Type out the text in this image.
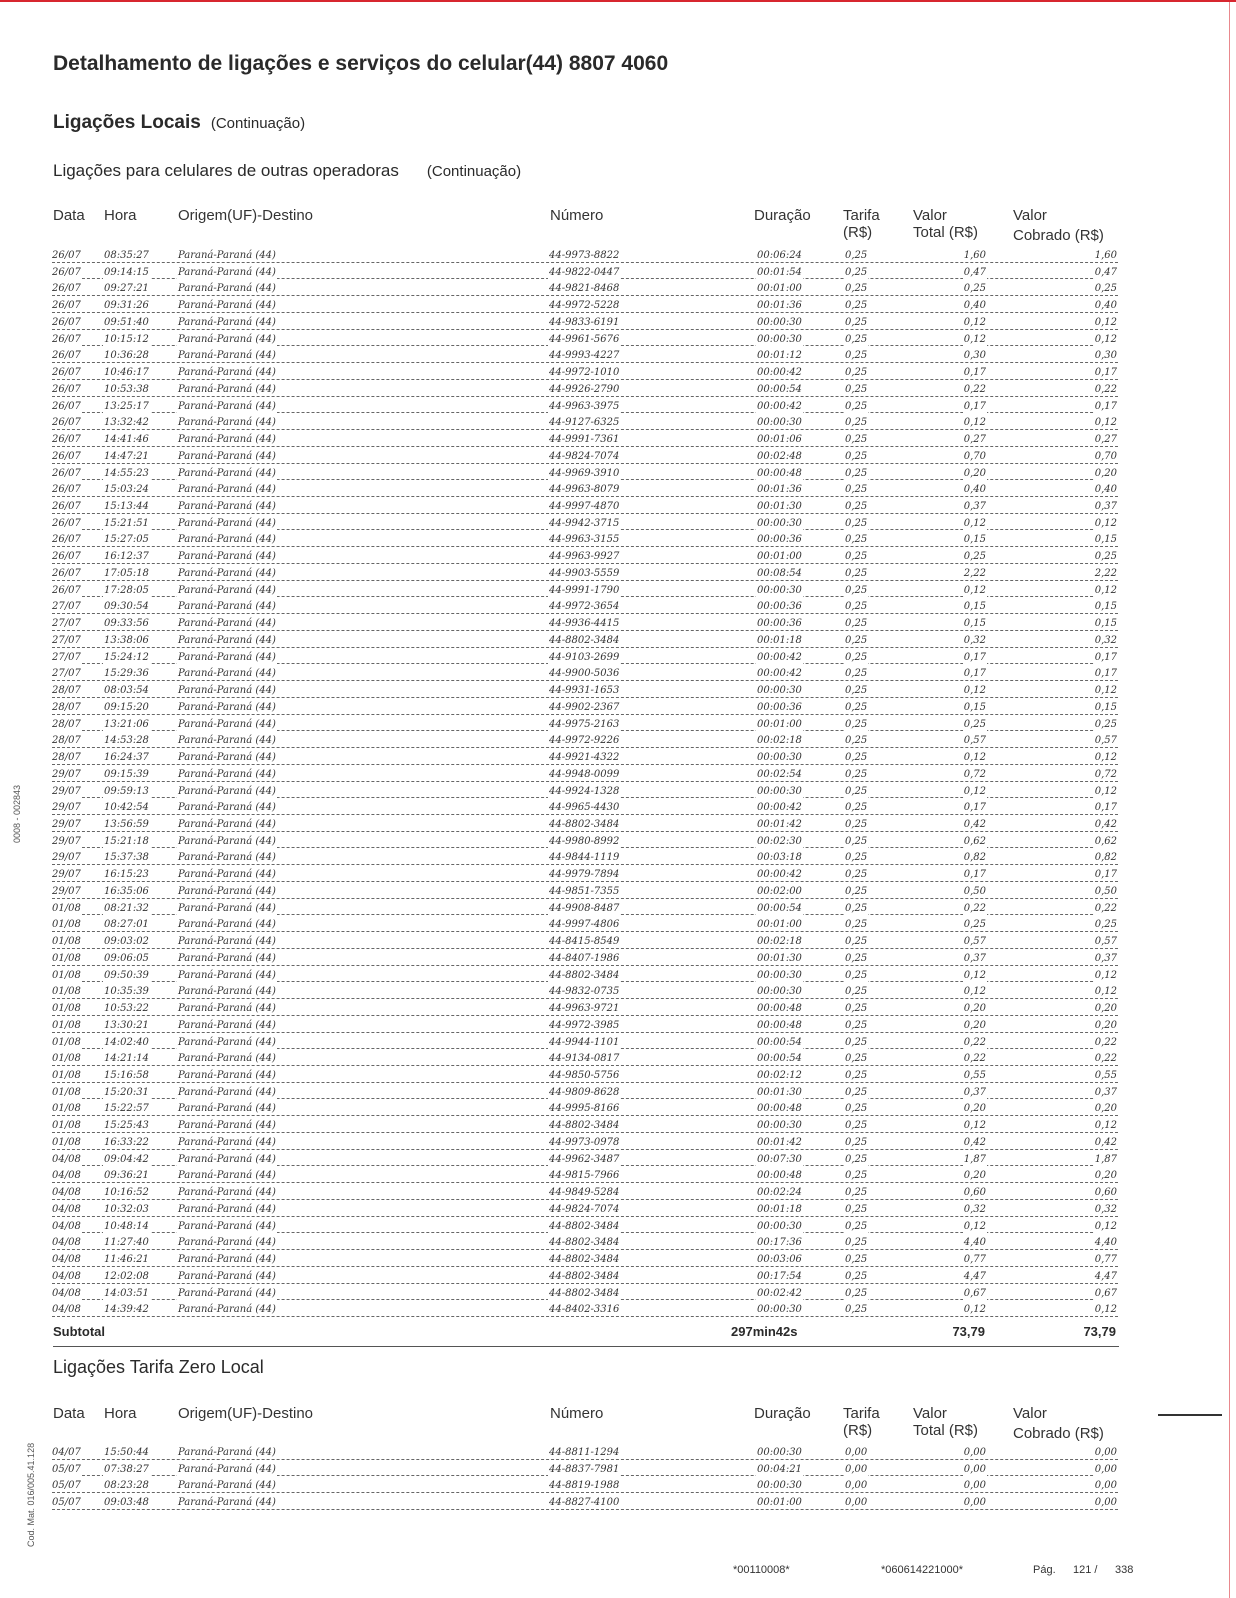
Detalhamento de ligações e serviços do celular(44) 8807 4060
Ligações Locais (Continuação)
Ligações para celulares de outras operadoras (Continuação)
Data Hora	Origem(UF)-Destino	Número	Duração Tarifa
(R$)
Valor
Total (R$)
Valor
Cobrado (R$)
26/07 08:35:27	Paraná-Paraná (44)	44-9973-8822	00:06:24	0,25	1,60	1,60
26/07 09:14:15	Paraná-Paraná (44)	44-9822-0447	00:01:54	0,25	0,47	0,47
26/07 09:27:21	Paraná-Paraná (44)	44-9821-8468	00:01:00	0,25	0,25	0,25
26/07 09:31:26	Paraná-Paraná (44)	44-9972-5228	00:01:36	0,25	0,40	0,40
26/07 09:51:40	Paraná-Paraná (44)	44-9833-6191	00:00:30	0,25	0,12	0,12
26/07 10:15:12	Paraná-Paraná (44)	44-9961-5676	00:00:30	0,25	0,12	0,12
26/07 10:36:28	Paraná-Paraná (44)	44-9993-4227	00:01:12	0,25	0,30	0,30
26/07 10:46:17	Paraná-Paraná (44)	44-9972-1010	00:00:42	0,25	0,17	0,17
26/07 10:53:38	Paraná-Paraná (44)	44-9926-2790	00:00:54	0,25	0,22	0,22
26/07 13:25:17	Paraná-Paraná (44)	44-9963-3975	00:00:42	0,25	0,17	0,17
26/07 13:32:42	Paraná-Paraná (44)	44-9127-6325	00:00:30	0,25	0,12	0,12
26/07 14:41:46	Paraná-Paraná (44)	44-9991-7361	00:01:06	0,25	0,27	0,27
26/07 14:47:21	Paraná-Paraná (44)	44-9824-7074	00:02:48	0,25	0,70	0,70
26/07 14:55:23	Paraná-Paraná (44)	44-9969-3910	00:00:48	0,25	0,20	0,20
26/07 15:03:24	Paraná-Paraná (44)	44-9963-8079	00:01:36	0,25	0,40	0,40
26/07 15:13:44	Paraná-Paraná (44)	44-9997-4870	00:01:30	0,25	0,37	0,37
26/07 15:21:51	Paraná-Paraná (44)	44-9942-3715	00:00:30	0,25	0,12	0,12
26/07 15:27:05	Paraná-Paraná (44)	44-9963-3155	00:00:36	0,25	0,15	0,15
26/07 16:12:37	Paraná-Paraná (44)	44-9963-9927	00:01:00	0,25	0,25	0,25
26/07 17:05:18	Paraná-Paraná (44)	44-9903-5559	00:08:54	0,25	2,22	2,22
26/07 17:28:05	Paraná-Paraná (44)	44-9991-1790	00:00:30	0,25	0,12	0,12
27/07 09:30:54	Paraná-Paraná (44)	44-9972-3654	00:00:36	0,25	0,15	0,15
27/07 09:33:56	Paraná-Paraná (44)	44-9936-4415	00:00:36	0,25	0,15	0,15
27/07 13:38:06	Paraná-Paraná (44)	44-8802-3484	00:01:18	0,25	0,32	0,32
27/07 15:24:12	Paraná-Paraná (44)	44-9103-2699	00:00:42	0,25	0,17	0,17
27/07 15:29:36	Paraná-Paraná (44)	44-9900-5036	00:00:42	0,25	0,17	0,17
28/07 08:03:54	Paraná-Paraná (44)	44-9931-1653	00:00:30	0,25	0,12	0,12
28/07 09:15:20	Paraná-Paraná (44)	44-9902-2367	00:00:36	0,25	0,15	0,15
28/07 13:21:06	Paraná-Paraná (44)	44-9975-2163	00:01:00	0,25	0,25	0,25
28/07 14:53:28	Paraná-Paraná (44)	44-9972-9226	00:02:18	0,25	0,57	0,57
28/07 16:24:37	Paraná-Paraná (44)	44-9921-4322	00:00:30	0,25	0,12	0,12
29/07 09:15:39	Paraná-Paraná (44)	44-9948-0099	00:02:54	0,25	0,72	0,72
29/07 09:59:13	Paraná-Paraná (44)	44-9924-1328	00:00:30	0,25	0,12	0,12
29/07 10:42:54	Paraná-Paraná (44)	44-9965-4430	00:00:42	0,25	0,17	0,17
29/07 13:56:59	Paraná-Paraná (44)	44-8802-3484	00:01:42	0,25	0,42	0,42
29/07 15:21:18	Paraná-Paraná (44)	44-9980-8992	00:02:30	0,25	0,62	0,62
29/07 15:37:38	Paraná-Paraná (44)	44-9844-1119	00:03:18	0,25	0,82	0,82
29/07 16:15:23	Paraná-Paraná (44)	44-9979-7894	00:00:42	0,25	0,17	0,17
29/07 16:35:06	Paraná-Paraná (44)	44-9851-7355	00:02:00	0,25	0,50	0,50
01/08 08:21:32	Paraná-Paraná (44)	44-9908-8487	00:00:54	0,25	0,22	0,22
01/08 08:27:01	Paraná-Paraná (44)	44-9997-4806	00:01:00	0,25	0,25	0,25
01/08 09:03:02	Paraná-Paraná (44)	44-8415-8549	00:02:18	0,25	0,57	0,57
01/08 09:06:05	Paraná-Paraná (44)	44-8407-1986	00:01:30	0,25	0,37	0,37
01/08 09:50:39	Paraná-Paraná (44)	44-8802-3484	00:00:30	0,25	0,12	0,12
01/08 10:35:39	Paraná-Paraná (44)	44-9832-0735	00:00:30	0,25	0,12	0,12
01/08 10:53:22	Paraná-Paraná (44)	44-9963-9721	00:00:48	0,25	0,20	0,20
01/08 13:30:21	Paraná-Paraná (44)	44-9972-3985	00:00:48	0,25	0,20	0,20
01/08 14:02:40	Paraná-Paraná (44)	44-9944-1101	00:00:54	0,25	0,22	0,22
01/08 14:21:14	Paraná-Paraná (44)	44-9134-0817	00:00:54	0,25	0,22	0,22
01/08 15:16:58	Paraná-Paraná (44)	44-9850-5756	00:02:12	0,25	0,55	0,55
01/08 15:20:31	Paraná-Paraná (44)	44-9809-8628	00:01:30	0,25	0,37	0,37
01/08 15:22:57	Paraná-Paraná (44)	44-9995-8166	00:00:48	0,25	0,20	0,20
01/08 15:25:43	Paraná-Paraná (44)	44-8802-3484	00:00:30	0,25	0,12	0,12
01/08 16:33:22	Paraná-Paraná (44)	44-9973-0978	00:01:42	0,25	0,42	0,42
04/08 09:04:42	Paraná-Paraná (44)	44-9962-3487	00:07:30	0,25	1,87	1,87
04/08 09:36:21	Paraná-Paraná (44)	44-9815-7966	00:00:48	0,25	0,20	0,20
04/08 10:16:52	Paraná-Paraná (44)	44-9849-5284	00:02:24	0,25	0,60	0,60
04/08 10:32:03	Paraná-Paraná (44)	44-9824-7074	00:01:18	0,25	0,32	0,32
04/08 10:48:14	Paraná-Paraná (44)	44-8802-3484	00:00:30	0,25	0,12	0,12
04/08 11:27:40	Paraná-Paraná (44)	44-8802-3484	00:17:36	0,25	4,40	4,40
04/08 11:46:21	Paraná-Paraná (44)	44-8802-3484	00:03:06	0,25	0,77	0,77
04/08 12:02:08	Paraná-Paraná (44)	44-8802-3484	00:17:54	0,25	4,47	4,47
04/08 14:03:51	Paraná-Paraná (44)	44-8802-3484	00:02:42	0,25	0,67	0,67
04/08 14:39:42	Paraná-Paraná (44)	44-8402-3316	00:00:30	0,25	0,12	0,12
Subtotal	297min42s	73,79	73,79
Ligações Tarifa Zero Local
Data Hora	Origem(UF)-Destino	Número	Duração Tarifa
(R$)
Valor
Total (R$)
Valor
Cobrado (R$)
04/07 15:50:44	Paraná-Paraná (44)	44-8811-1294	00:00:30	0,00	0,00	0,00
05/07 07:38:27	Paraná-Paraná (44)	44-8837-7981	00:04:21	0,00	0,00	0,00
05/07 08:23:28	Paraná-Paraná (44)	44-8819-1988	00:00:30	0,00	0,00	0,00
05/07 09:03:48	Paraná-Paraná (44)	44-8827-4100	00:01:00	0,00	0,00	0,00
0008 - 002843
Cod. Mat. 016/005.41.128
*00110008*	*060614221000*	Pág. 121 / 338
